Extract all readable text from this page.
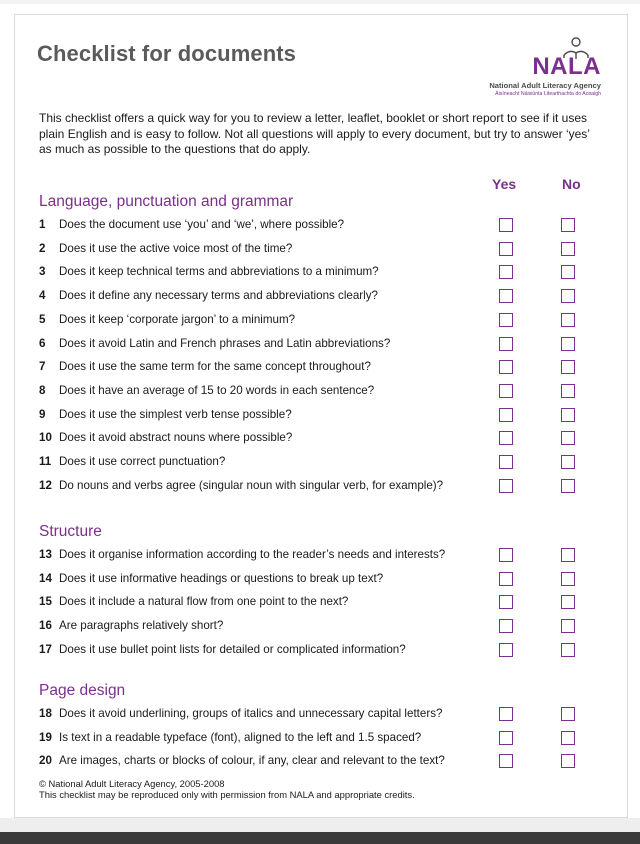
Checklist for documents	NALA
National Adult Literacy Agency
Áisíneacht Náisiúnta Litearthachta do Aosaigh

This checklist offers a quick way for you to review a letter, leaflet, booklet or short report to see if it uses plain English and is easy to follow. Not all questions will apply to every document, but try to answer ‘yes’ as much as possible to the questions that do apply.

Yes	No
Language, punctuation and grammar
1 Does the document use ‘you’ and ‘we’, where possible?
2 Does it use the active voice most of the time?
3 Does it keep technical terms and abbreviations to a minimum?
4 Does it define any necessary terms and abbreviations clearly?
5 Does it keep ‘corporate jargon’ to a minimum?
6 Does it avoid Latin and French phrases and Latin abbreviations?
7 Does it use the same term for the same concept throughout?
8 Does it have an average of 15 to 20 words in each sentence?
9 Does it use the simplest verb tense possible?
10 Does it avoid abstract nouns where possible?
11 Does it use correct punctuation?
12 Do nouns and verbs agree (singular noun with singular verb, for example)?
Structure
13 Does it organise information according to the reader’s needs and interests?
14 Does it use informative headings or questions to break up text?
15 Does it include a natural flow from one point to the next?
16 Are paragraphs relatively short?
17 Does it use bullet point lists for detailed or complicated information?
Page design
18 Does it avoid underlining, groups of italics and unnecessary capital letters?
19 Is text in a readable typeface (font), aligned to the left and 1.5 spaced?
20 Are images, charts or blocks of colour, if any, clear and relevant to the text?
© National Adult Literacy Agency, 2005-2008
This checklist may be reproduced only with permission from NALA and appropriate credits.
